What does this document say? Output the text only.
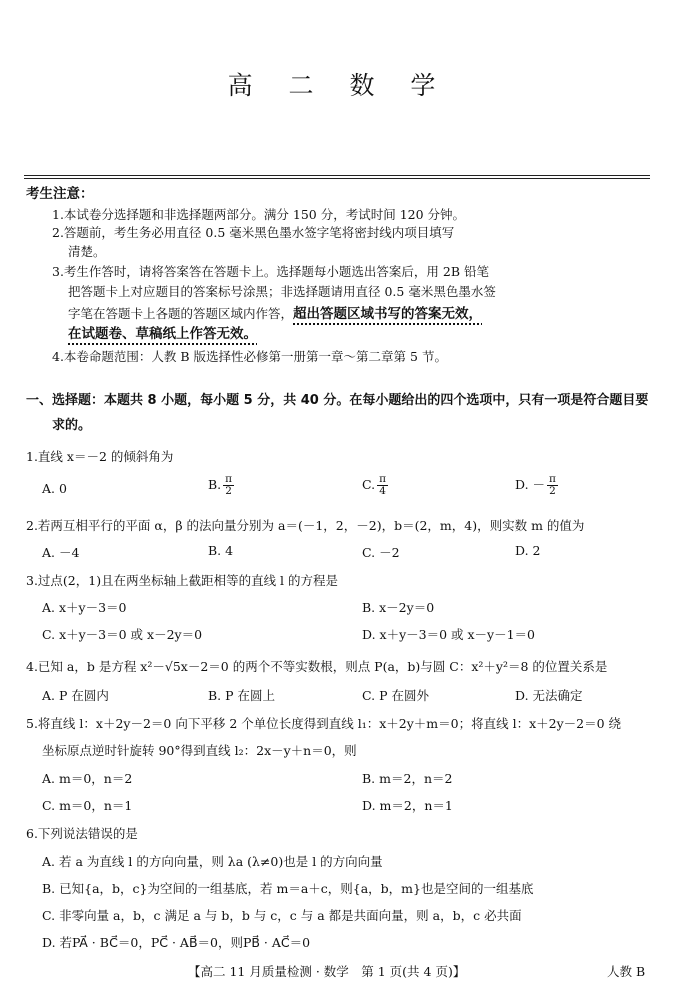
高 二 数 学
考生注意：
1.本试卷分选择题和非选择题两部分。满分 150 分，考试时间 120 分钟。
2.答题前，考生务必用直径 0.5 毫米黑色墨水签字笔将密封线内项目填写
清楚。
3.考生作答时，请将答案答在答题卡上。选择题每小题选出答案后，用 2B 铅笔
把答题卡上对应题目的答案标号涂黑；非选择题请用直径 0.5 毫米黑色墨水签
字笔在答题卡上各题的答题区域内作答，超出答题区域书写的答案无效，
在试题卷、草稿纸上作答无效。
4.本卷命题范围：人教 B 版选择性必修第一册第一章～第二章第 5 节。
一、选择题：本题共 8 小题，每小题 5 分，共 40 分。在每小题给出的四个选项中，只有一项是符合题目要
求的。
1.直线 x＝－2 的倾斜角为
A. 0	B. $\frac{\pi}{2}$	C. $\frac{\pi}{4}$	D. － $\frac{\pi}{2}$
2.若两互相平行的平面 α，β 的法向量分别为 a＝(－1，2，－2)，b＝(2，m，4)，则实数 m 的值为
A. －4	B. 4	C. －2	D. 2
3.过点(2，1)且在两坐标轴上截距相等的直线 l 的方程是
A. x＋y－3＝0	B. x－2y＝0
C. x＋y－3＝0 或 x－2y＝0	D. x＋y－3＝0 或 x－y－1＝0
4.已知 a，b 是方程 x²－√5x－2＝0 的两个不等实数根，则点 P(a，b)与圆 C：x²＋y²＝8 的位置关系是
A. P 在圆内	B. P 在圆上	C. P 在圆外	D. 无法确定
5.将直线 l：x＋2y－2＝0 向下平移 2 个单位长度得到直线 l₁：x＋2y＋m＝0；将直线 l：x＋2y－2＝0 绕
坐标原点逆时针旋转 90°得到直线 l₂：2x－y＋n＝0，则
A. m＝0，n＝2	B. m＝2，n＝2
C. m＝0，n＝1	D. m＝2，n＝1
6.下列说法错误的是
A. 若 a 为直线 l 的方向向量，则 λa (λ≠0)也是 l 的方向向量
B. 已知{a，b，c}为空间的一组基底，若 m＝a＋c，则{a，b，m}也是空间的一组基底
C. 非零向量 a，b，c 满足 a 与 b，b 与 c，c 与 a 都是共面向量，则 a，b，c 必共面
D. 若PA⃗ · BC⃗＝0，PC⃗ · AB⃗＝0，则PB⃗ · AC⃗＝0
【高二 11 月质量检测 · 数学　第 1 页(共 4 页)】	人教 B
